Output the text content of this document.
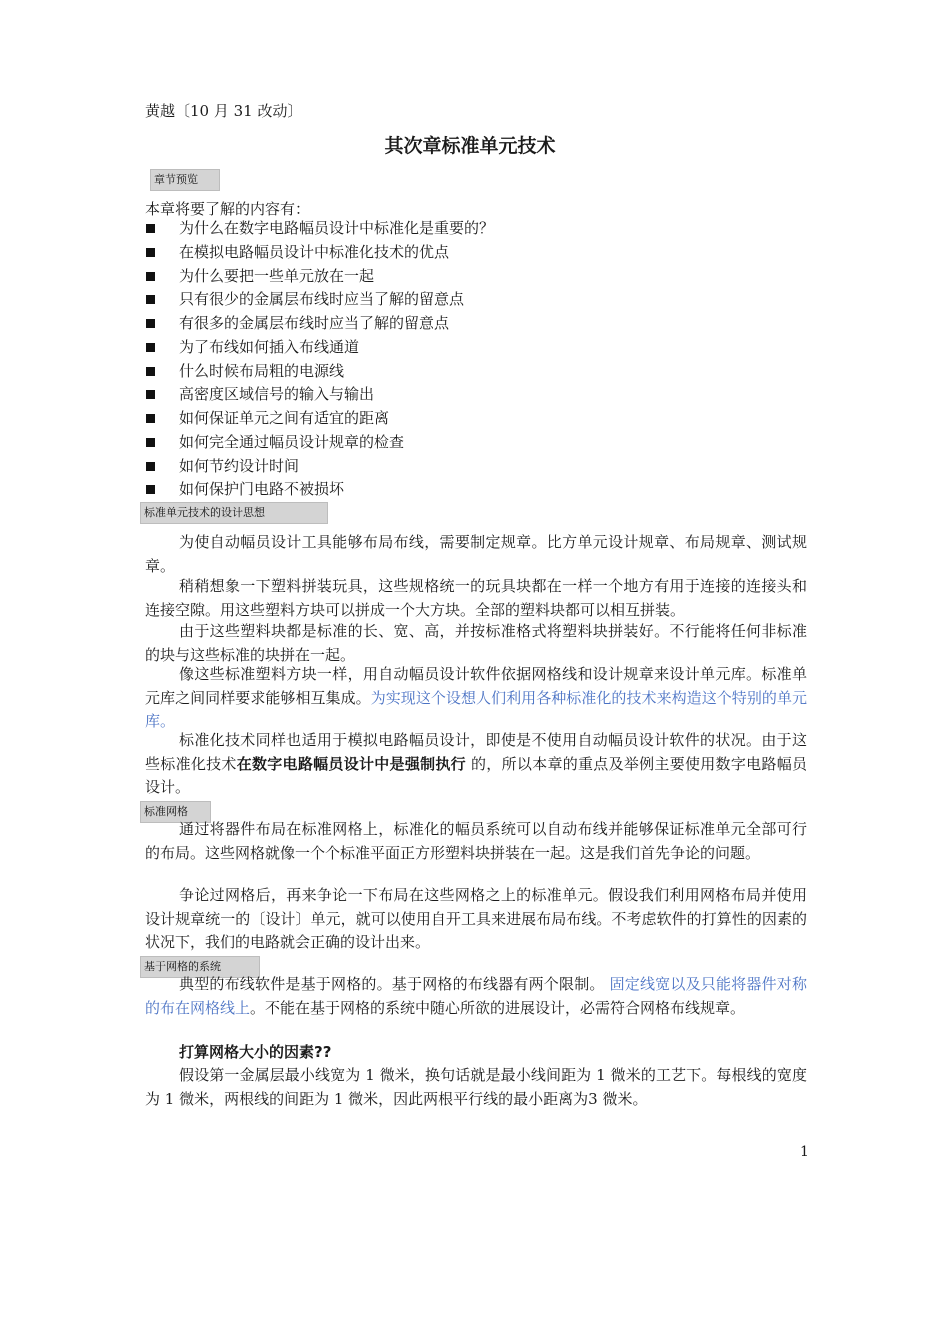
黄越〔10 月 31 改动〕
其次章标准单元技术
章节预览
本章将要了解的内容有：
为什么在数字电路幅员设计中标准化是重要的？
在模拟电路幅员设计中标准化技术的优点
为什么要把一些单元放在一起
只有很少的金属层布线时应当了解的留意点
有很多的金属层布线时应当了解的留意点
为了布线如何插入布线通道
什么时候布局粗的电源线
高密度区域信号的输入与输出
如何保证单元之间有适宜的距离
如何完全通过幅员设计规章的检查
如何节约设计时间
如何保护门电路不被损坏
标准单元技术的设计思想
为使自动幅员设计工具能够布局布线，需要制定规章。比方单元设计规章、布局规章、测试规章。
稍稍想象一下塑料拼装玩具，这些规格统一的玩具块都在一样一个地方有用于连接的连接头和连接空隙。用这些塑料方块可以拼成一个大方块。全部的塑料块都可以相互拼装。
由于这些塑料块都是标准的长、宽、高，并按标准格式将塑料块拼装好。不行能将任何非标准的块与这些标准的块拼在一起。
像这些标准塑料方块一样，用自动幅员设计软件依据网格线和设计规章来设计单元库。标准单元库之间同样要求能够相互集成。为实现这个设想人们利用各种标准化的技术来构造这个特别的单元库。
标准化技术同样也适用于模拟电路幅员设计，即使是不使用自动幅员设计软件的状况。由于这些标准化技术在数字电路幅员设计中是强制执行 的，所以本章的重点及举例主要使用数字电路幅员设计。
标准网格
通过将器件布局在标准网格上，标准化的幅员系统可以自动布线并能够保证标准单元全部可行的布局。这些网格就像一个个标准平面正方形塑料块拼装在一起。这是我们首先争论的问题。
争论过网格后，再来争论一下布局在这些网格之上的标准单元。假设我们利用网格布局并使用设计规章统一的〔设计〕单元，就可以使用自开工具来进展布局布线。不考虑软件的打算性的因素的状况下，我们的电路就会正确的设计出来。
基于网格的系统
典型的布线软件是基于网格的。基于网格的布线器有两个限制。 固定线宽以及只能将器件对称的布在网格线上。不能在基于网格的系统中随心所欲的进展设计，必需符合网格布线规章。
打算网格大小的因素??
假设第一金属层最小线宽为 1 微米，换句话就是最小线间距为 1 微米的工艺下。每根线的宽度为 1 微米，两根线的间距为 1 微米，因此两根平行线的最小距离为3 微米。
1
